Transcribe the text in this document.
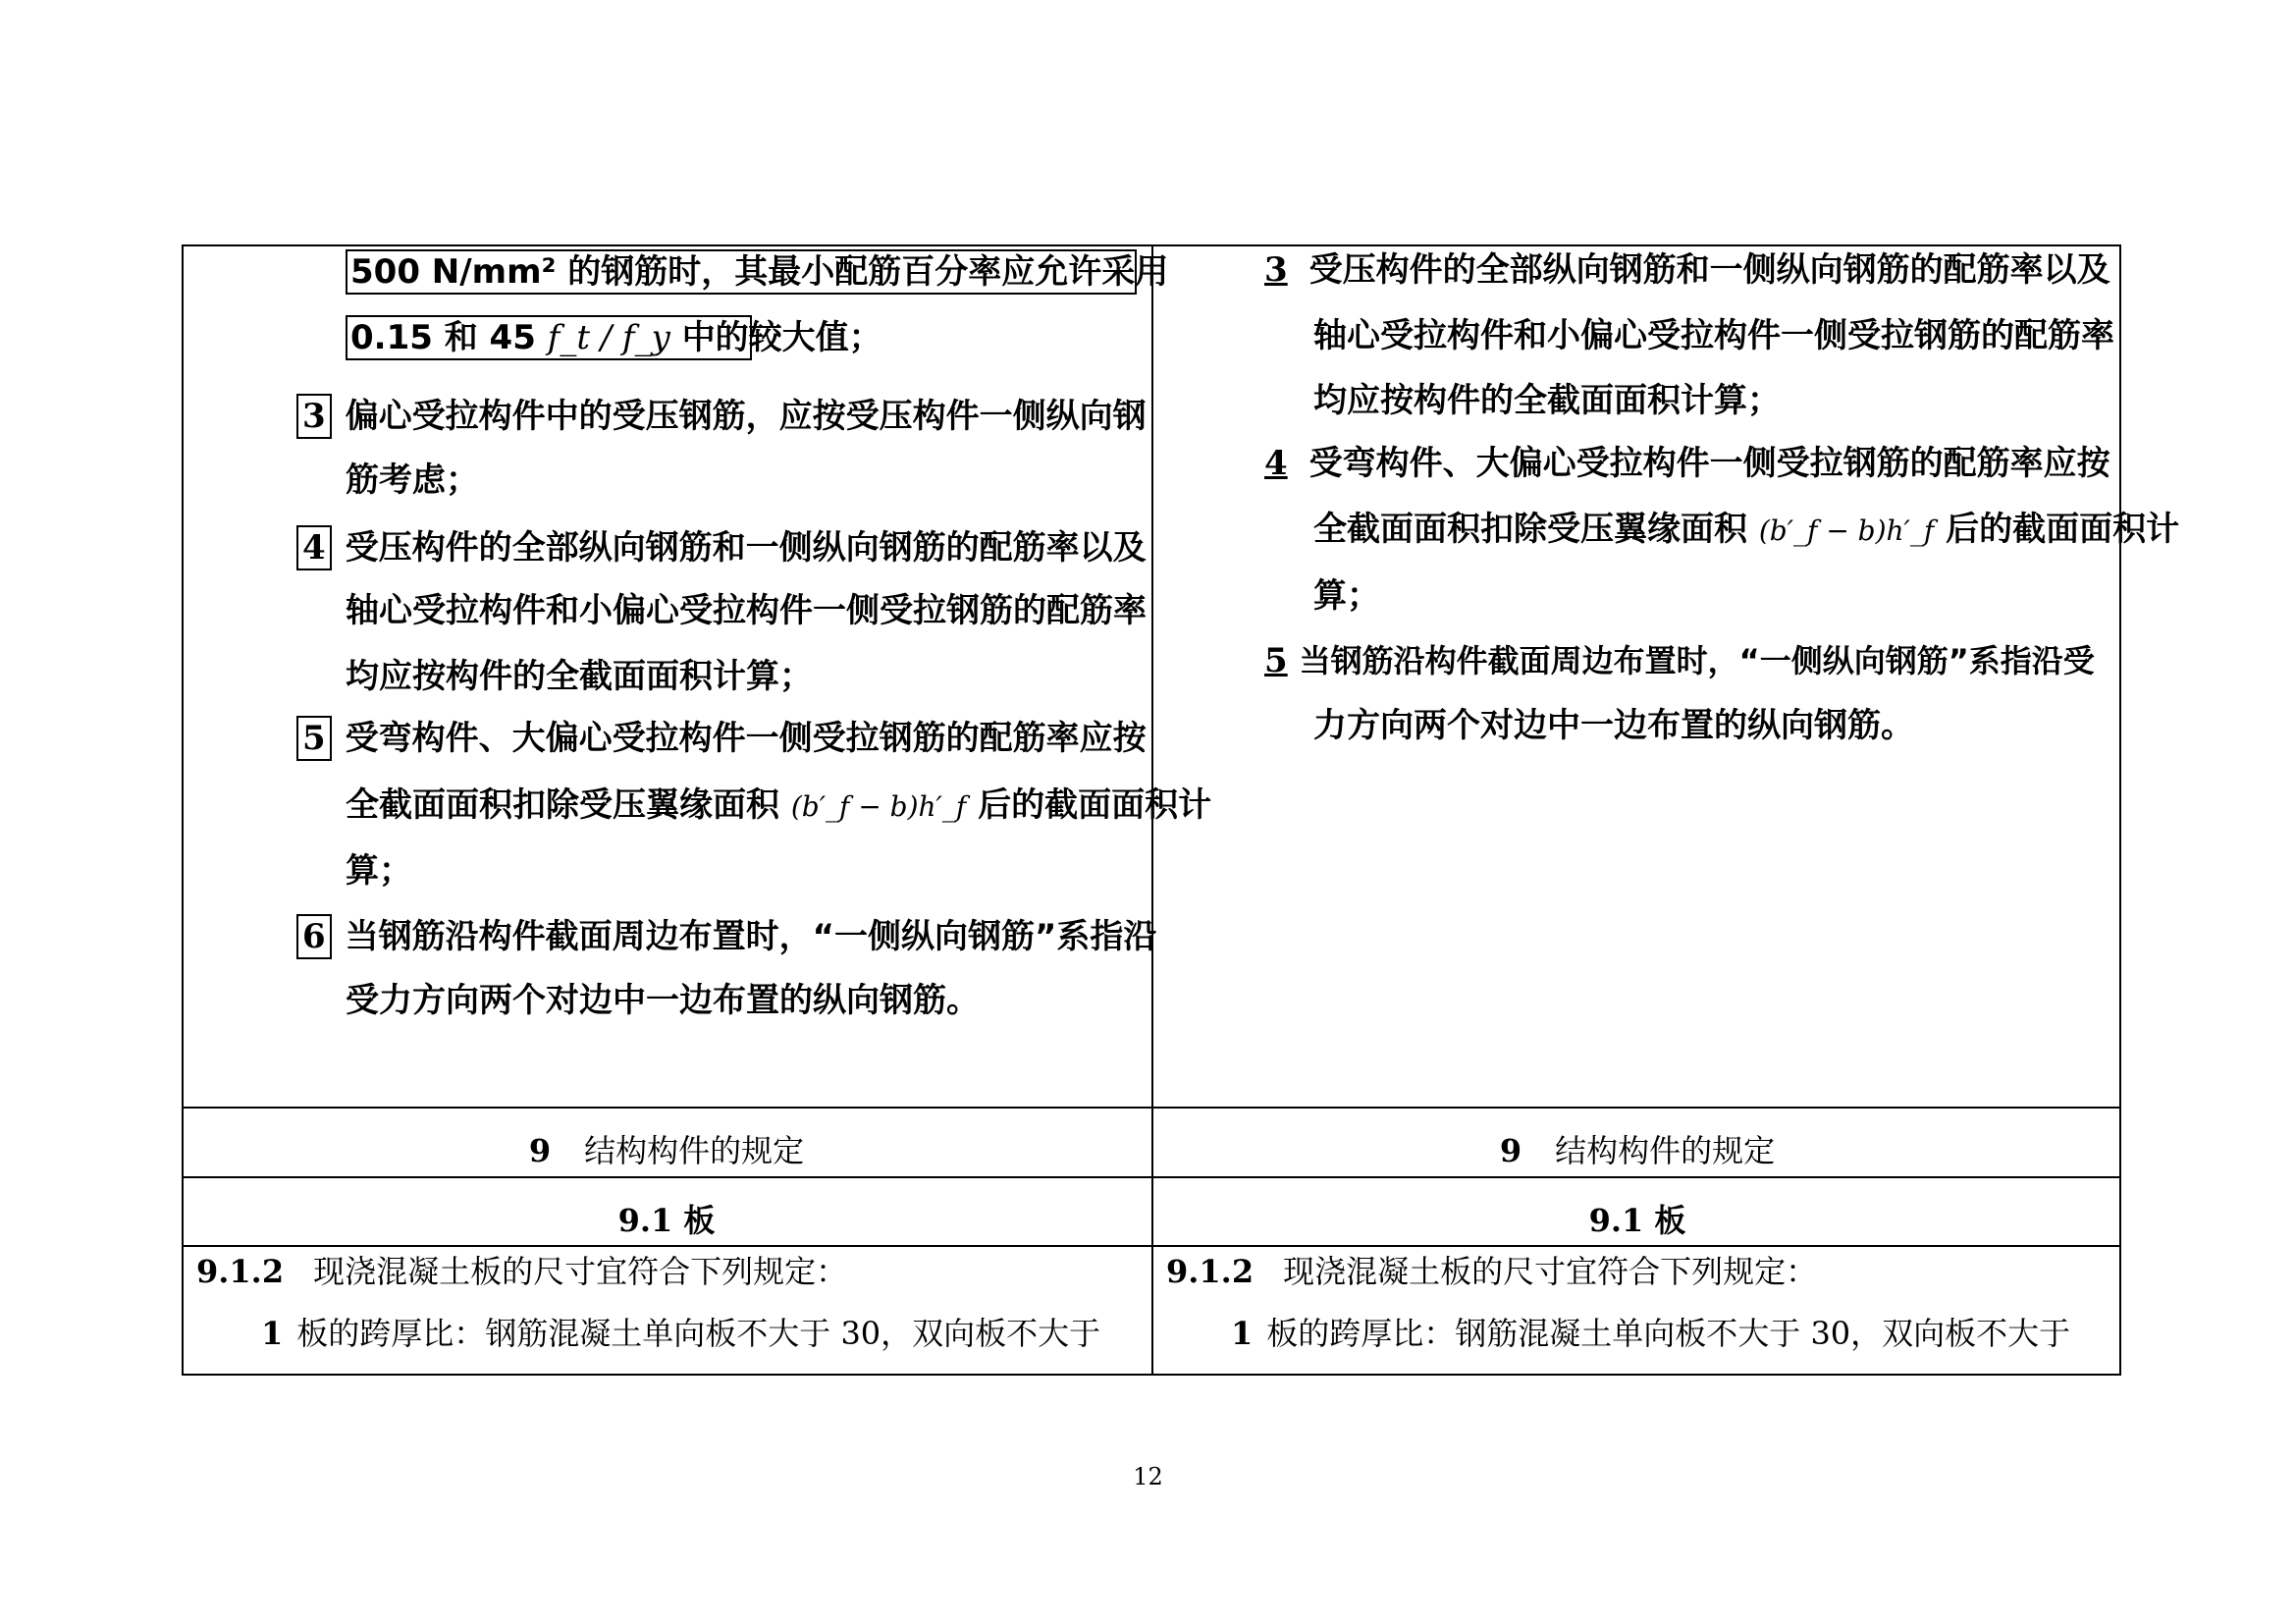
500 N/mm² 的钢筋时，其最小配筋百分率应允许采用
0.15 和 45 f_t / f_y 中的较大值；
3 偏心受拉构件中的受压钢筋，应按受压构件一侧纵向钢
筋考虑；
4 受压构件的全部纵向钢筋和一侧纵向钢筋的配筋率以及
轴心受拉构件和小偏心受拉构件一侧受拉钢筋的配筋率
均应按构件的全截面面积计算；
5 受弯构件、大偏心受拉构件一侧受拉钢筋的配筋率应按
全截面面积扣除受压翼缘面积 (b′_f − b)h′_f 后的截面面积计
算；
6 当钢筋沿构件截面周边布置时，“一侧纵向钢筋”系指沿
受力方向两个对边中一边布置的纵向钢筋。
3 受压构件的全部纵向钢筋和一侧纵向钢筋的配筋率以及
轴心受拉构件和小偏心受拉构件一侧受拉钢筋的配筋率
均应按构件的全截面面积计算；
4 受弯构件、大偏心受拉构件一侧受拉钢筋的配筋率应按
全截面面积扣除受压翼缘面积 (b′_f − b)h′_f 后的截面面积计
算；
5 当钢筋沿构件截面周边布置时，“一侧纵向钢筋”系指沿受
力方向两个对边中一边布置的纵向钢筋。
9 结构构件的规定	9 结构构件的规定
9.1 板	9.1 板
9.1.2 现浇混凝土板的尺寸宜符合下列规定：
1 板的跨厚比：钢筋混凝土单向板不大于 30，双向板不大于
9.1.2 现浇混凝土板的尺寸宜符合下列规定：
1 板的跨厚比：钢筋混凝土单向板不大于 30，双向板不大于
12
